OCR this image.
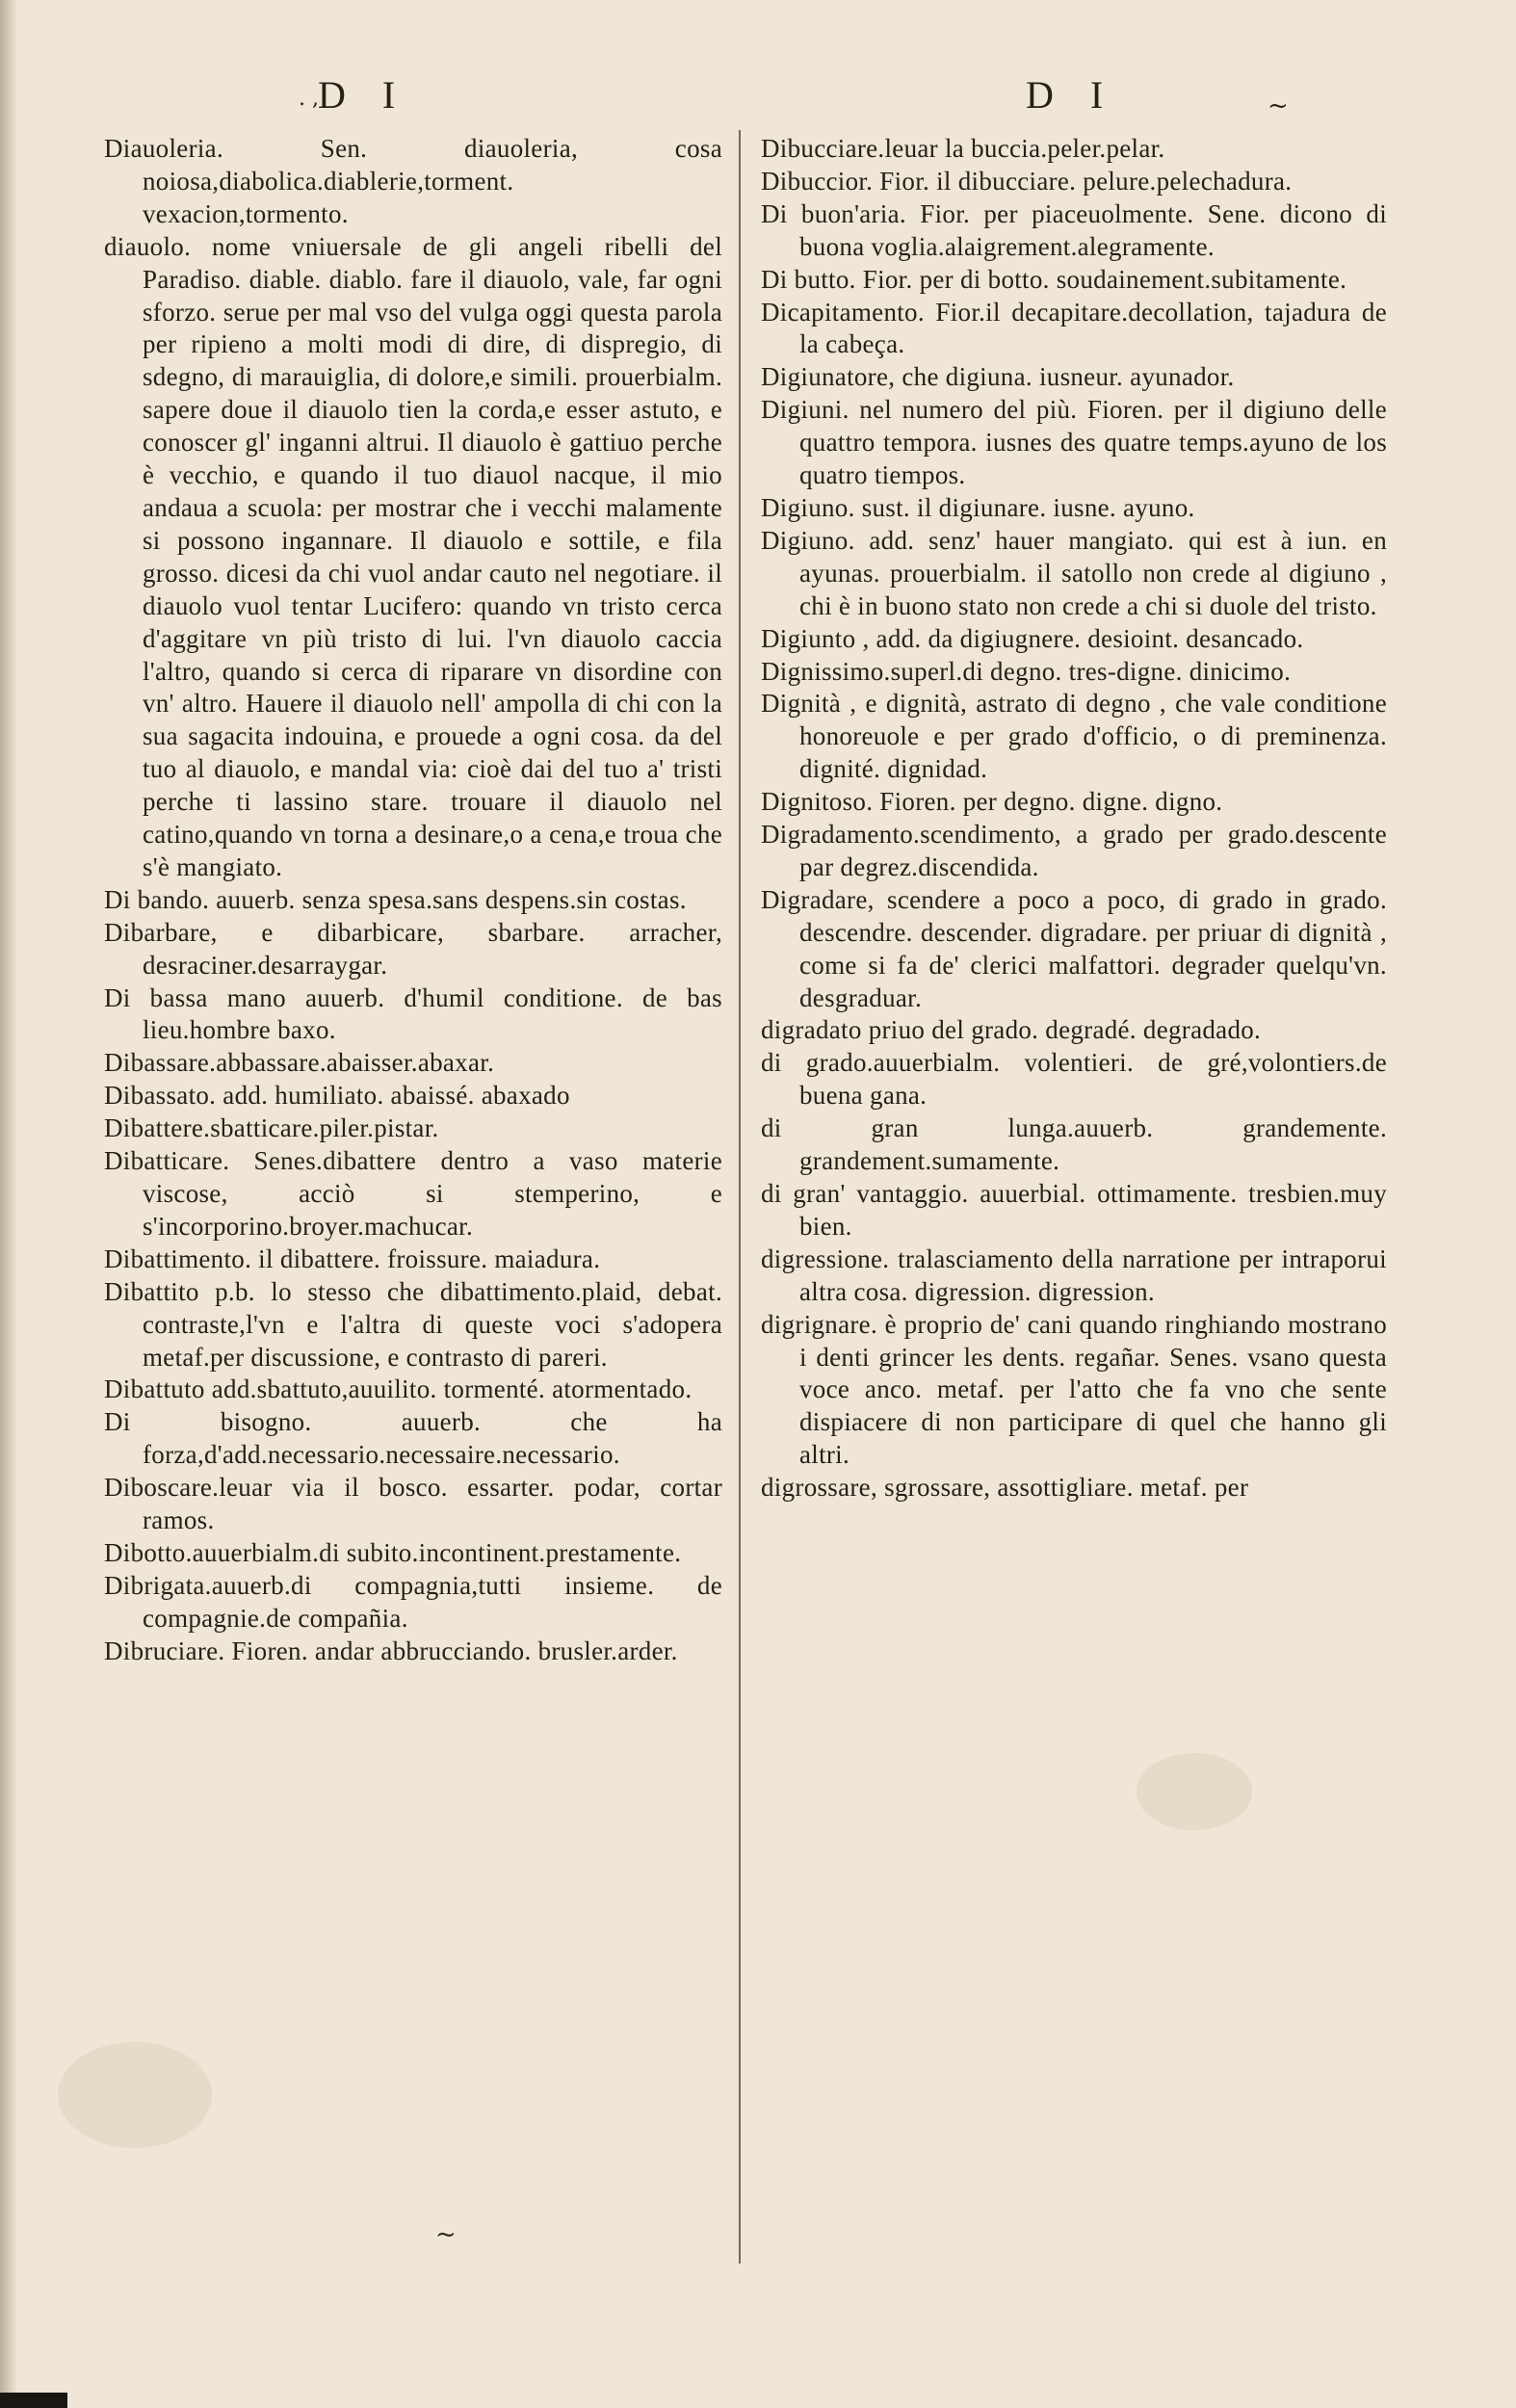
. , D I	D I	~

Diauoleria. Sen. diauoleria, cosa noiosa,diabolica.diablerie,torment. vexacion,tormento.

diauolo. nome vniuersale de gli angeli ribelli del Paradiso. diable. diablo. fare il diauolo, vale, far ogni sforzo. serue per mal vso del vulga oggi questa parola per ripieno a molti modi di dire, di dispregio, di sdegno, di marauiglia, di dolore,e simili. prouerbialm. sapere doue il diauolo tien la corda,e esser astuto, e conoscer gl' inganni altrui. Il diauolo è gattiuo perche è vecchio, e quando il tuo diauol nacque, il mio andaua a scuola: per mostrar che i vecchi malamente si possono ingannare. Il diauolo e sottile, e fila grosso. dicesi da chi vuol andar cauto nel negotiare. il diauolo vuol tentar Lucifero: quando vn tristo cerca d'aggitare vn più tristo di lui. l'vn diauolo caccia l'altro, quando si cerca di riparare vn disordine con vn' altro. Hauere il diauolo nell' ampolla di chi con la sua sagacita indouina, e prouede a ogni cosa. da del tuo al diauolo, e mandal via: cioè dai del tuo a' tristi perche ti lassino stare. trouare il diauolo nel catino,quando vn torna a desinare,o a cena,e troua che s'è mangiato.

Di bando. auuerb. senza spesa.sans despens.sin costas.

Dibarbare, e dibarbicare, sbarbare. arracher, desraciner.desarraygar.

Di bassa mano auuerb. d'humil conditione. de bas lieu.hombre baxo.

Dibassare.abbassare.abaisser.abaxar.

Dibassato. add. humiliato. abaissé. abaxado

Dibattere.sbatticare.piler.pistar.

Dibatticare. Senes.dibattere dentro a vaso materie viscose, acciò si stemperino, e s'incorporino.broyer.machucar.

Dibattimento. il dibattere. froissure. maiadura.

Dibattito p.b. lo stesso che dibattimento.plaid, debat. contraste,l'vn e l'altra di queste voci s'adopera metaf.per discussione, e contrasto di pareri.

Dibattuto add.sbattuto,auuilito. tormenté. atormentado.

Di bisogno. auuerb. che ha forza,d'add.necessario.necessaire.necessario.

Diboscare.leuar via il bosco. essarter. podar, cortar ramos.

Dibotto.auuerbialm.di subito.incontinent.prestamente.

Dibrigata.auuerb.di compagnia,tutti insieme. de compagnie.de compañia.

Dibruciare. Fioren. andar abbrucciando. brusler.arder.

Dibucciare.leuar la buccia.peler.pelar.

Dibuccior. Fior. il dibucciare. pelure.pelechadura.

Di buon'aria. Fior. per piaceuolmente. Sene. dicono di buona voglia.alaigrement.alegramente.

Di butto. Fior. per di botto. soudainement.subitamente.

Dicapitamento. Fior.il decapitare.decollation, tajadura de la cabeça.

Digiunatore, che digiuna. iusneur. ayunador.

Digiuni. nel numero del più. Fioren. per il digiuno delle quattro tempora. iusnes des quatre temps.ayuno de los quatro tiempos.

Digiuno. sust. il digiunare. iusne. ayuno.

Digiuno. add. senz' hauer mangiato. qui est à iun. en ayunas. prouerbialm. il satollo non crede al digiuno , chi è in buono stato non crede a chi si duole del tristo.

Digiunto , add. da digiugnere. desioint. desancado.

Dignissimo.superl.di degno. tres-digne. dinicimo.

Dignità , e dignità, astrato di degno , che vale conditione honoreuole e per grado d'officio, o di preminenza. dignité. dignidad.

Dignitoso. Fioren. per degno. digne. digno.

Digradamento.scendimento, a grado per grado.descente par degrez.discendida.

Digradare, scendere a poco a poco, di grado in grado. descendre. descender. digradare. per priuar di dignità , come si fa de' clerici malfattori. degrader quelqu'vn. desgraduar.

digradato priuo del grado. degradé. degradado.

di grado.auuerbialm. volentieri. de gré,volontiers.de buena gana.

di gran lunga.auuerb. grandemente. grandement.sumamente.

di gran' vantaggio. auuerbial. ottimamente. tresbien.muy bien.

digressione. tralasciamento della narratione per intraporui altra cosa. digression. digression.

digrignare. è proprio de' cani quando ringhiando mostrano i denti grincer les dents. regañar. Senes. vsano questa voce anco. metaf. per l'atto che fa vno che sente dispiacere di non participare di quel che hanno gli altri.

digrossare, sgrossare, assottigliare. metaf. per

~
